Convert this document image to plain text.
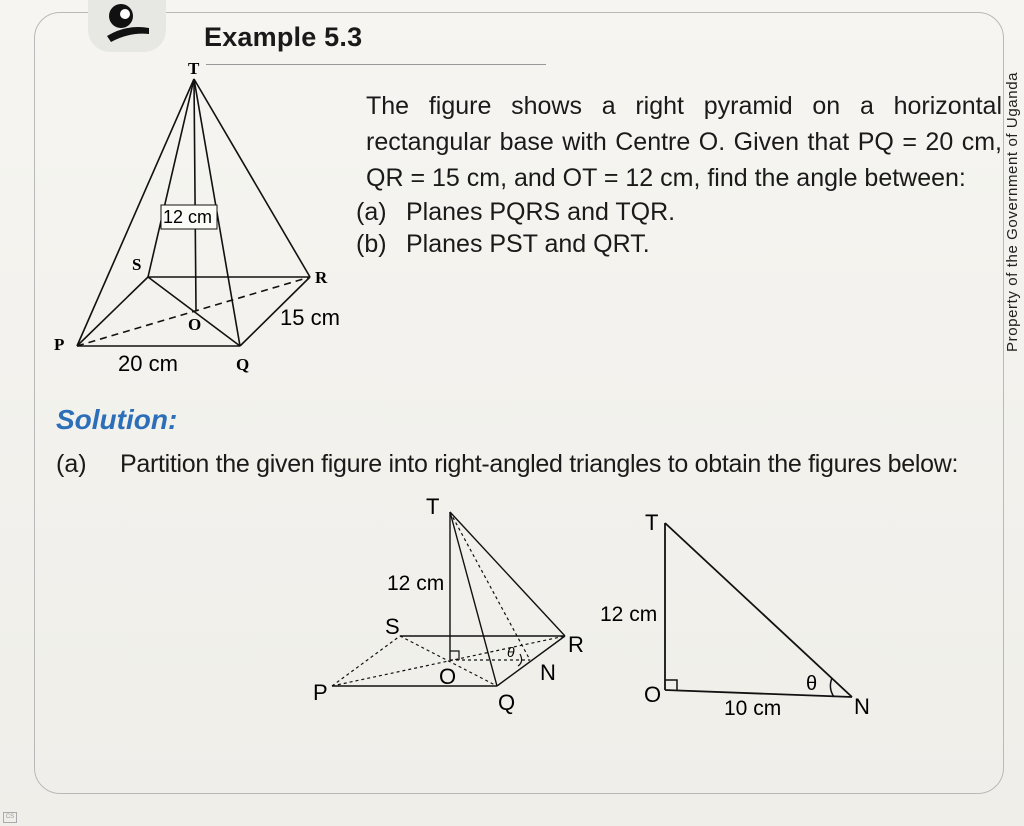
Example 5.3
T
S
R
O
P
Q
12 cm
15 cm
20 cm

The figure shows a right pyramid on a horizontal

rectangular base with Centre O. Given that PQ = 20 cm,

QR = 15 cm, and OT = 12 cm, find the angle between:

(a) Planes PQRS and TQR.
(b) Planes PST and QRT.	Property of the Government of Uganda
Solution:
(a) Partition the given figure into right-angled triangles to obtain the figures below:
T
12 cm
S
R
θ
N
P
O
Q
T
12 cm
O	θ
10 cm	N
CS
